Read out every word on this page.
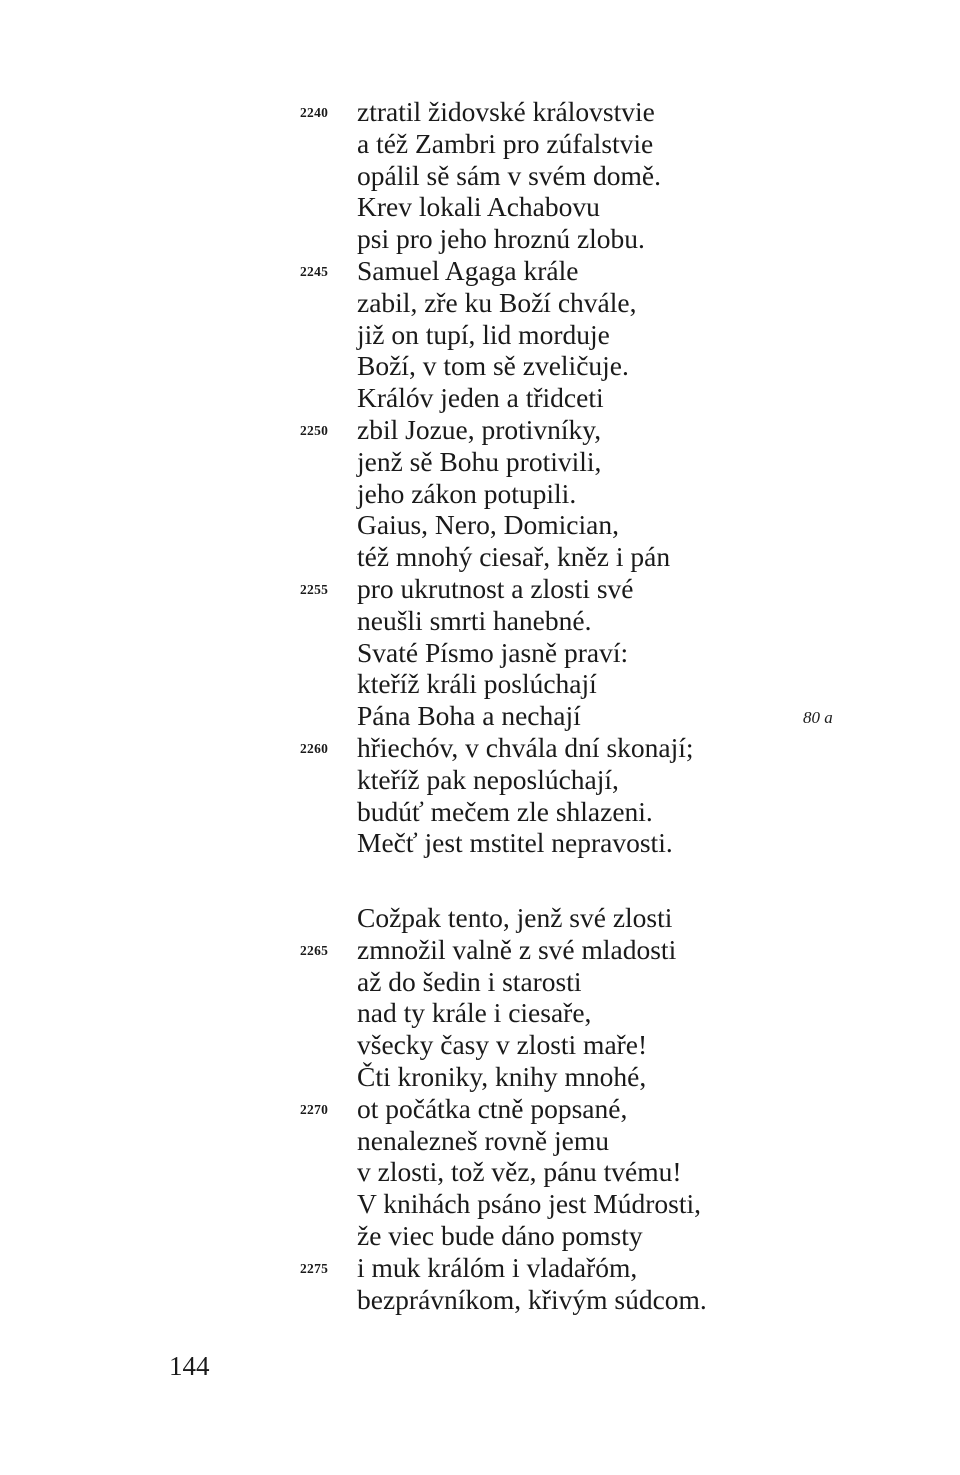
2240 ztratil židovské královstvie
a též Zambri pro zúfalstvie
opálil sě sám v svém domě.
Krev lokali Achabovu
psi pro jeho hroznú zlobu.
2245 Samuel Agaga krále
zabil, zře ku Boží chvále,
již on tupí, lid morduje
Boží, v tom sě zveličuje.
Králóv jeden a třidceti
2250 zbil Jozue, protivníky,
jenž sě Bohu protivili,
jeho zákon potupili.
Gaius, Nero, Domician,
též mnohý ciesař, kněz i pán
2255 pro ukrutnost a zlosti své
neušli smrti hanebné.
Svaté Písmo jasně praví:
kteříž králi poslúchají
Pána Boha a nechají	80 a
2260 hřiechóv, v chvála dní skonají;
kteříž pak neposlúchají,
budúť mečem zle shlazeni.
Mečť jest mstitel nepravosti.
Cožpak tento, jenž své zlosti
2265 zmnožil valně z své mladosti
až do šedin i starosti
nad ty krále i ciesaře,
všecky časy v zlosti maře!
Čti kroniky, knihy mnohé,
2270 ot počátka ctně popsané,
nenalezneš rovně jemu
v zlosti, tož věz, pánu tvému!
V knihách psáno jest Múdrosti,
že viec bude dáno pomsty
2275 i muk králóm i vladařóm,
bezprávníkom, křivým súdcom.
144
